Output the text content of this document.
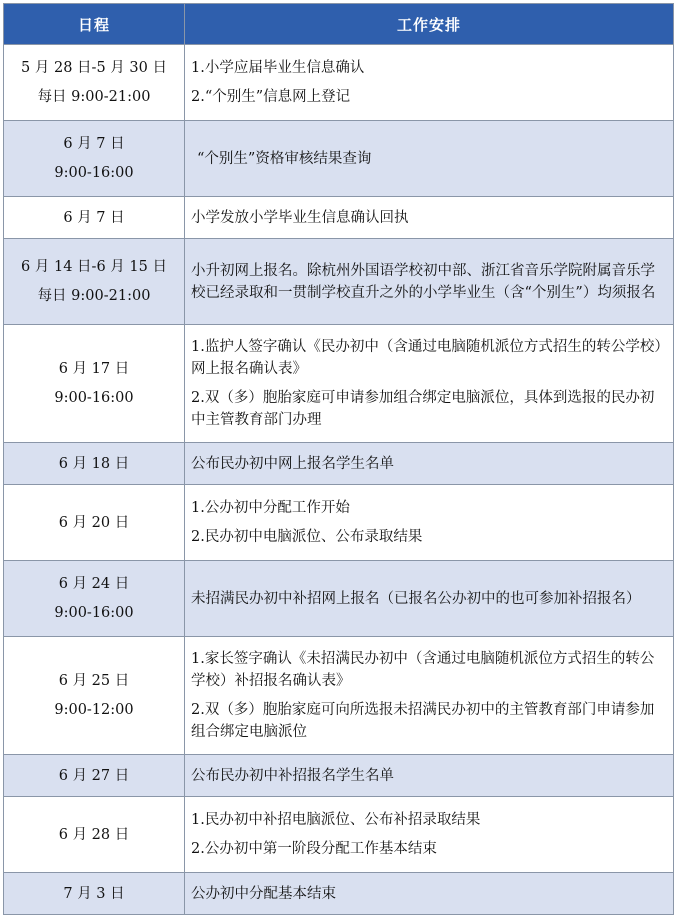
日程	工作安排

5 月 28 日-5 月 30 日
每日 9:00-21:00	1.小学应届毕业生信息确认
2.“个别生”信息网上登记

6 月 7 日
9:00-16:00	“个别生”资格审核结果查询

6 月 7 日	小学发放小学毕业生信息确认回执

6 月 14 日-6 月 15 日
每日 9:00-21:00	小升初网上报名。除杭州外国语学校初中部、浙江省音乐学院附属音乐学校已经录取和一贯制学校直升之外的小学毕业生（含“个别生”）均须报名

6 月 17 日
9:00-16:00	1.监护人签字确认《民办初中（含通过电脑随机派位方式招生的转公学校）网上报名确认表》
2.双（多）胞胎家庭可申请参加组合绑定电脑派位，具体到选报的民办初中主管教育部门办理

6 月 18 日	公布民办初中网上报名学生名单

6 月 20 日	1.公办初中分配工作开始
2.民办初中电脑派位、公布录取结果

6 月 24 日
9:00-16:00	未招满民办初中补招网上报名（已报名公办初中的也可参加补招报名）

6 月 25 日
9:00-12:00	1.家长签字确认《未招满民办初中（含通过电脑随机派位方式招生的转公学校）补招报名确认表》
2.双（多）胞胎家庭可向所选报未招满民办初中的主管教育部门申请参加组合绑定电脑派位

6 月 27 日	公布民办初中补招报名学生名单

6 月 28 日	1.民办初中补招电脑派位、公布补招录取结果
2.公办初中第一阶段分配工作基本结束

7 月 3 日	公办初中分配基本结束
